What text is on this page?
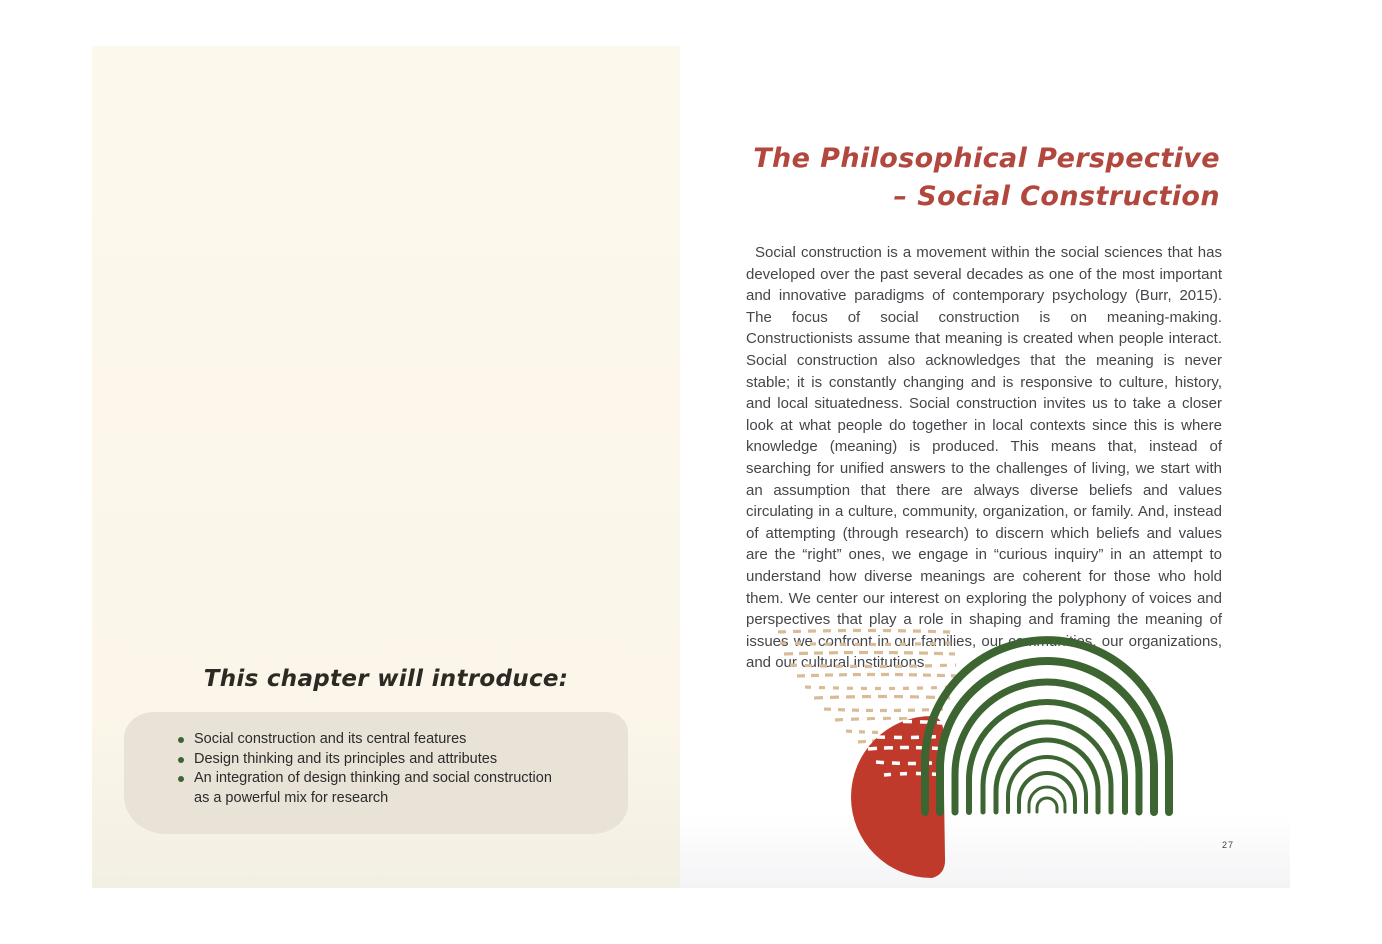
This chapter will introduce:
Social construction and its central features
Design thinking and its principles and attributes
An integration of design thinking and social construction as a powerful mix for research
The Philosophical Perspective
– Social Construction

Social construction is a movement within the social sciences that has developed over the past several decades as one of the most important and innovative paradigms of contemporary psychology (Burr, 2015). The focus of social construction is on meaning-making. Constructionists assume that meaning is created when people interact. Social construction also acknowledges that the meaning is never stable; it is constantly changing and is responsive to culture, history, and local situatedness. Social construction invites us to take a closer look at what people do together in local contexts since this is where knowledge (meaning) is produced. This means that, instead of searching for unified answers to the challenges of living, we start with an assumption that there are always diverse beliefs and values circulating in a culture, community, organization, or family. And, instead of attempting (through research) to discern which beliefs and values are the “right” ones, we engage in “curious inquiry” in an attempt to understand how diverse meanings are coherent for those who hold them. We center our interest on exploring the polyphony of voices and perspectives that play a role in shaping and framing the meaning of issues we confront in our families, our communities, our organizations, and our cultural institutions.

27
